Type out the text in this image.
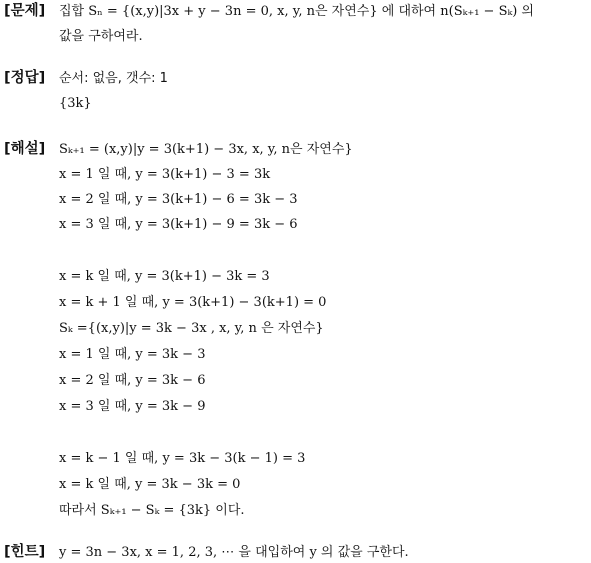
[문제] 집합 Sₙ = {(x,y)|3x + y − 3n = 0, x, y, n은 자연수} 에 대하여 n(Sₖ₊₁ − Sₖ) 의
값을 구하여라.
[정답] 순서: 없음, 갯수: 1
{3k}
[해설] Sₖ₊₁ = (x,y)|y = 3(k+1) − 3x, x, y, n은 자연수}
x = 1 일 때, y = 3(k+1) − 3 = 3k
x = 2 일 때, y = 3(k+1) − 6 = 3k − 3
x = 3 일 때, y = 3(k+1) − 9 = 3k − 6
x = k 일 때, y = 3(k+1) − 3k = 3
x = k + 1 일 때, y = 3(k+1) − 3(k+1) = 0
Sₖ ={(x,y)|y = 3k − 3x , x, y, n 은 자연수}
x = 1 일 때, y = 3k − 3
x = 2 일 때, y = 3k − 6
x = 3 일 때, y = 3k − 9
x = k − 1 일 때, y = 3k − 3(k − 1) = 3
x = k 일 때, y = 3k − 3k = 0
따라서 Sₖ₊₁ − Sₖ = {3k} 이다.
[힌트] y = 3n − 3x, x = 1, 2, 3, ⋯ 을 대입하여 y 의 값을 구한다.
